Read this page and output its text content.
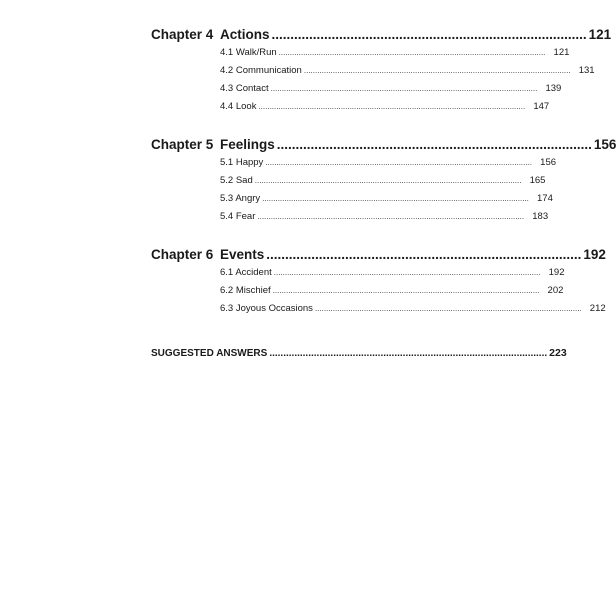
Chapter 4 Actions .................................................................................... 121
4.1 Walk/Run ........................................................................................................................ 121
4.2 Communication ........................................................................................................................ 131
4.3 Contact ........................................................................................................................ 139
4.4 Look ........................................................................................................................ 147
Chapter 5 Feelings .................................................................................... 156
5.1 Happy ........................................................................................................................ 156
5.2 Sad ........................................................................................................................ 165
5.3 Angry ........................................................................................................................ 174
5.4 Fear ........................................................................................................................ 183
Chapter 6 Events .................................................................................... 192
6.1 Accident ........................................................................................................................ 192
6.2 Mischief ........................................................................................................................ 202
6.3 Joyous Occasions ........................................................................................................................ 212
SUGGESTED ANSWERS .................................................................................................... 223
